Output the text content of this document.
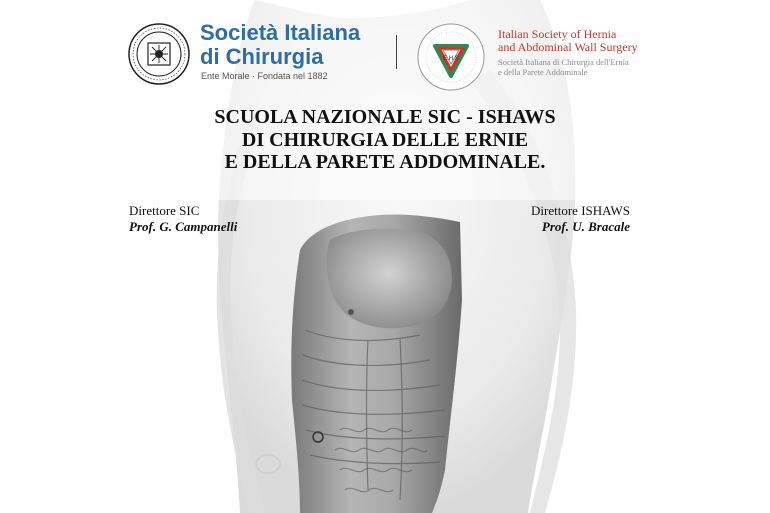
Società Italiana
di Chirurgia
Ente Morale · Fondata nel 1882
E.H.S
Italian Society of Hernia
and Abdominal Wall Surgery
Società Italiana di Chirurgia dell'Ernia
e della Parete Addominale
SCUOLA NAZIONALE SIC - ISHAWS
DI CHIRURGIA DELLE ERNIE
E DELLA PARETE ADDOMINALE.
Direttore SIC
Prof. G. Campanelli
Direttore ISHAWS
Prof. U. Bracale
